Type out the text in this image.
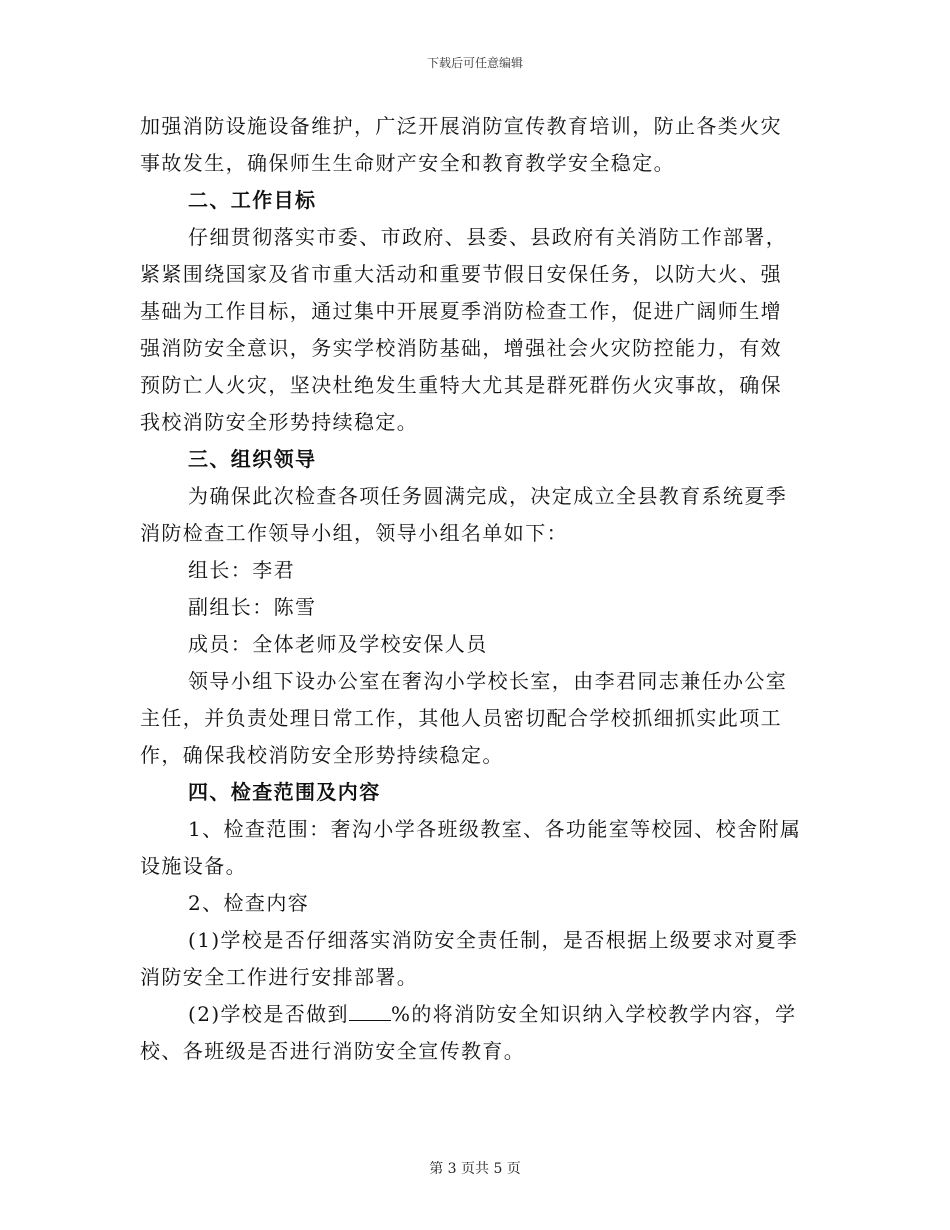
下载后可任意编辑
加强消防设施设备维护，广泛开展消防宣传教育培训，防止各类火灾
事故发生，确保师生生命财产安全和教育教学安全稳定。
二、工作目标
仔细贯彻落实市委、市政府、县委、县政府有关消防工作部署，
紧紧围绕国家及省市重大活动和重要节假日安保任务，以防大火、强
基础为工作目标，通过集中开展夏季消防检查工作，促进广阔师生增
强消防安全意识，务实学校消防基础，增强社会火灾防控能力，有效
预防亡人火灾，坚决杜绝发生重特大尤其是群死群伤火灾事故，确保
我校消防安全形势持续稳定。
三、组织领导
为确保此次检查各项任务圆满完成，决定成立全县教育系统夏季
消防检查工作领导小组，领导小组名单如下：
组长：李君
副组长：陈雪
成员：全体老师及学校安保人员
领导小组下设办公室在奢沟小学校长室，由李君同志兼任办公室
主任，并负责处理日常工作，其他人员密切配合学校抓细抓实此项工
作，确保我校消防安全形势持续稳定。
四、检查范围及内容
1、检查范围：奢沟小学各班级教室、各功能室等校园、校舍附属
设施设备。
2、检查内容
(1)学校是否仔细落实消防安全责任制，是否根据上级要求对夏季
消防安全工作进行安排部署。
(2)学校是否做到 %的将消防安全知识纳入学校教学内容，学
校、各班级是否进行消防安全宣传教育。
第 3 页共 5 页
